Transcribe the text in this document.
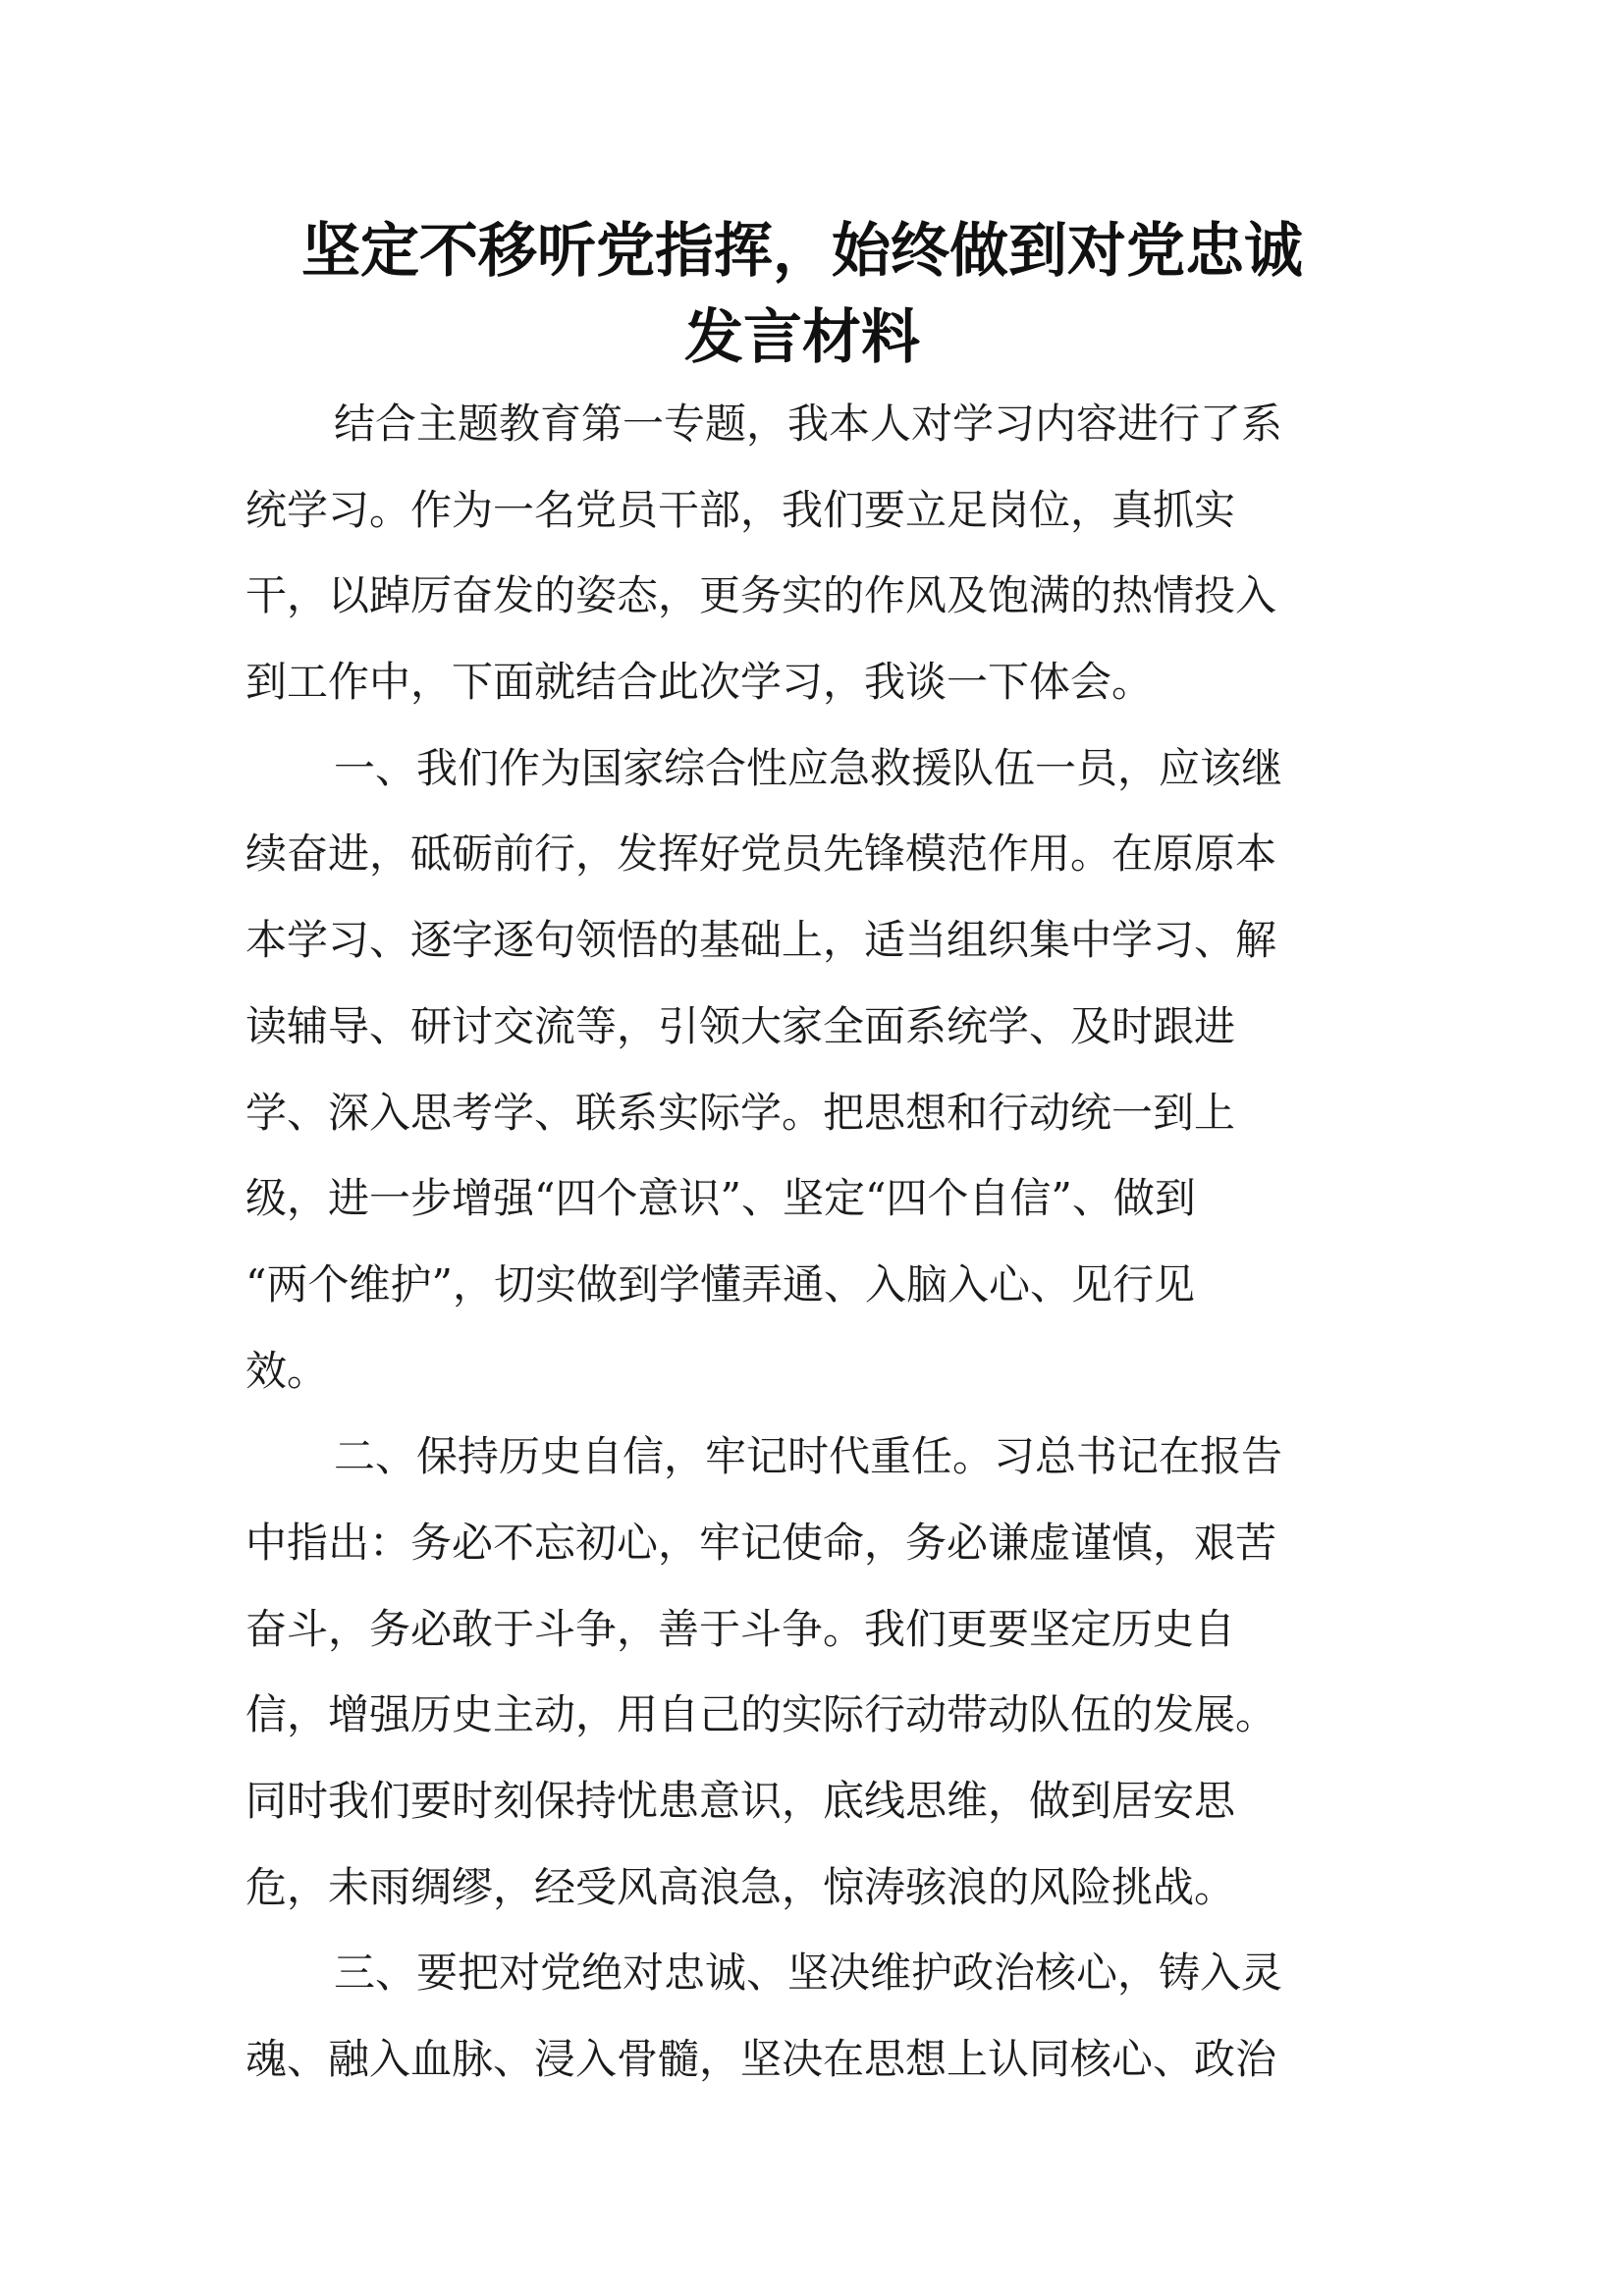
坚定不移听党指挥，始终做到对党忠诚
发言材料
结合主题教育第一专题，我本人对学习内容进行了系
统学习。作为一名党员干部，我们要立足岗位，真抓实
干，以踔厉奋发的姿态，更务实的作风及饱满的热情投入
到工作中，下面就结合此次学习，我谈一下体会。
一、我们作为国家综合性应急救援队伍一员，应该继
续奋进，砥砺前行，发挥好党员先锋模范作用。在原原本
本学习、逐字逐句领悟的基础上，适当组织集中学习、解
读辅导、研讨交流等，引领大家全面系统学、及时跟进
学、深入思考学、联系实际学。把思想和行动统一到上
级，进一步增强“四个意识”、坚定“四个自信”、做到
“两个维护”，切实做到学懂弄通、入脑入心、见行见
效。
二、保持历史自信，牢记时代重任。习总书记在报告
中指出：务必不忘初心，牢记使命，务必谦虚谨慎，艰苦
奋斗，务必敢于斗争，善于斗争。我们更要坚定历史自
信，增强历史主动，用自己的实际行动带动队伍的发展。
同时我们要时刻保持忧患意识，底线思维，做到居安思
危，未雨绸缪，经受风高浪急，惊涛骇浪的风险挑战。
三、要把对党绝对忠诚、坚决维护政治核心，铸入灵
魂、融入血脉、浸入骨髓，坚决在思想上认同核心、政治
